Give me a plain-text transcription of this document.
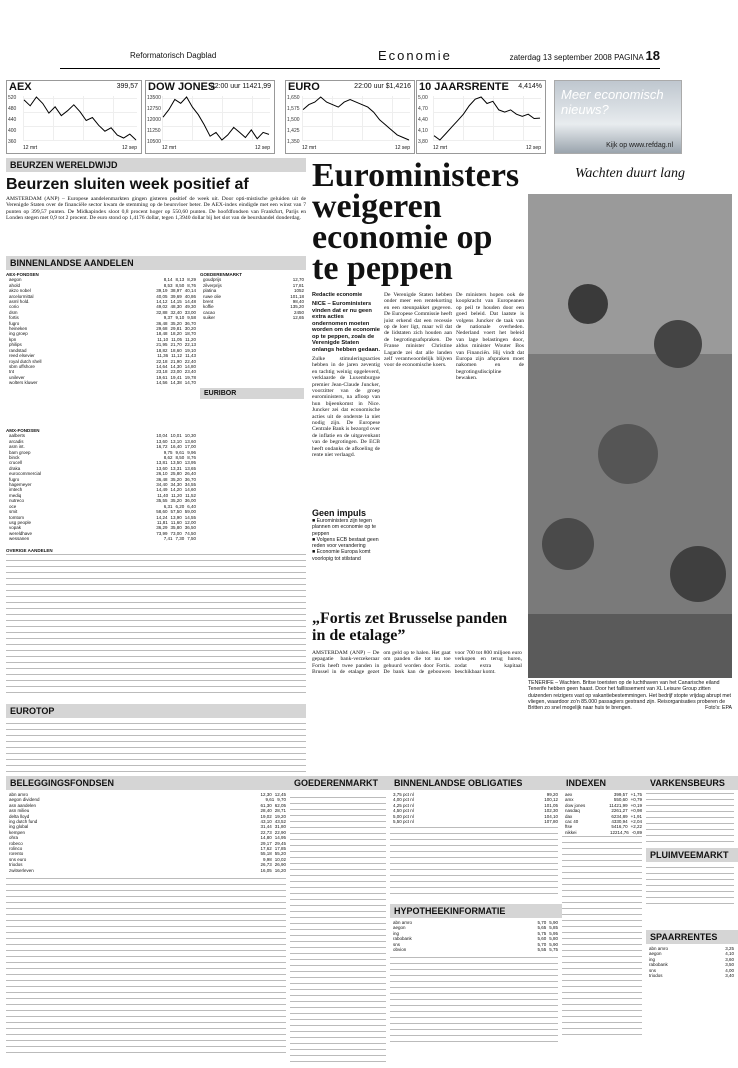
Reformatorisch Dagblad	Economie	zaterdag 13 september 2008 PAGINA 18
AEX	399,57
520
480
440
400
360
12 mrt	12 sep
DOW JONES
22:00 uur 11421,99
13500
12750
12000
11250
10500
12 mrt	12 sep
EURO	22:00 uur $1,4216
1,650
1,575
1,500
1,425
1,350
12 mrt	12 sep
10 JAARSRENTE 4,414%
5,00
4,70
4,40
4,10
3,80
12 mrt	12 sep
Meer economisch nieuws?
Kijk op www.refdag.nl
BEURZEN WERELDWIJD
Beurzen sluiten week positief af
AMSTERDAM (ANP) – Europese aandelenmarkten gingen gisteren positief de week uit. Door opti-mistische geluiden uit de Verenigde Staten over de financiële sector kwam de stemming op de beursvloer beter. De AEX-index eindigde met een winst van 7 punten op 399,57 punten. De Midkapindex sloot 0,8 procent hoger op 550,60 punten. De hoofdfondsen van Frankfurt, Parijs en Londen stegen met 0,9 tot 2 procent. De euro stond op 1,4176 dollar, tegen 1,3940 dollar bij het slot van de beurshandel donderdag.
BINNENLANDSE AANDELEN
AEX-FONDSEN
aegon	8,14 8,13 8,29
ahold	8,53 8,50 8,76
akzo nobel	39,19 38,97 40,14
arcelormittal	40,05 39,69 40,86
asml hold.	14,12 14,15 14,48
corio	49,02 48,30 49,30
dsm	32,88 32,40 33,00
fortis	9,37 9,10 9,58
fugro	36,48 35,20 36,70
heineken	29,68 29,81 30,20
ing groep	18,48 18,20 18,70
kpn	11,10 11,05 11,20
philips	21,95 21,70 22,13
randstad	18,82 18,60 19,10
reed elsevier	11,36 11,12 11,43
royal dutch shell	22,18 21,90 22,40
sbm offshore	14,64 14,30 14,80
tnt	23,18 23,00 23,40
unilever	19,61 19,41 19,78
wolters kluwer	14,56 14,38 14,70
GOEDERENMARKT
goudprijs	12,70
zilverprijs	17,81
platina	1052
ruwe olie	101,18
brent	98,40
koffie	135,20
cacao	2450
suiker	12,65
EURIBOR
AMX-FONDSEN
aalberts	10,04 10,01 10,30
arcadis	13,60 13,10 13,60
asm int.	16,72 16,40 17,00
bam groep	9,75 9,61 9,96
binck	8,62 8,50 8,76
crucell	13,81 13,50 13,95
draka	13,60 13,31 13,65
eurocommercial	26,10 25,80 26,40
fugro	36,48 35,20 36,70
hagemeyer	34,40 34,30 34,55
imtech	14,49 14,20 14,60
mediq	11,40 11,20 11,52
nutreco	35,55 35,20 36,00
oce	6,31 6,20 6,40
smit	58,60 57,50 59,00
tomtom	14,24 13,90 14,55
usg people	11,81 11,60 12,00
vopak	36,29 35,80 36,50
wereldhave	73,99 73,00 74,50
wessanen	7,41 7,30 7,50
OVERIGE AANDELEN
EUROTOP
Euroministers weigeren economie op te peppen
Redactie economie
NICE – Euroministers vinden dat er nu geen extra acties ondernomen moeten worden om de economie op te peppen, zoals de Verenigde Staten onlangs hebben gedaan.
Zulke stimuleringsacties hebben in de jaren zeventig en tachtig weinig opgeleverd, verklaarde de Luxemburgse premier Jean-Claude Juncker, voorzitter van de groep euroministers, na afloop van hun bijeenkomst in Nice. Juncker zei dat economische acties uit de onderste la niet nodig zijn. De Europese Centrale Bank is bezorgd over de inflatie en de uitgavenkant van de begrotingen. De ECB heeft ondanks de afkoeling de rente niet verlaagd.
De Verenigde Staten hebben onder meer een rentekorting en een steunpakket gegeven. De Europese Commissie heeft juist erkend dat een recessie op de loer ligt, maar wil dat de lidstaten zich houden aan de begrotingsafspraken. De Franse minister Christine Lagarde zei dat alle landen zelf verantwoordelijk blijven voor de economische koers.
De ministers hopen ook de koopkracht van Europeanen op peil te houden door een goed beleid. Dat laatste is volgens Juncker de taak van de nationale overheden. Nederland voert het beleid van lage belastingen door, aldus minister Wouter Bos van Financiën. Hij vindt dat Europa zijn afspraken moet nakomen en de begrotingsdiscipline bewaken.
Geen impuls
■ Euroministers zijn tegen plannen om economie op te peppen
■ Volgens ECB bestaat geen reden voor verandering
■ Economie Europa komt voorlopig tot stilstand
„Fortis zet Brusselse panden in de etalage”
AMSTERDAM (ANP) – De gepagatie bank-verzekeraar Fortis heeft twee panden in Brussel in de etalage gezet om geld op te halen. Het gaat om panden die tot nu toe gehuurd worden door Fortis. De bank kan de gebouwen voor 700 tot 800 miljoen euro verkopen en terug huren, zodat extra kapitaal beschikbaar komt.
Wachten duurt lang
TENERIFE – Wachten. Britse toeristen op de luchthaven van het Canarische eiland Tenerife hebben geen haast. Door het faillissement van XL Leisure Group zitten duizenden reizigers vast op vakantiebestemmingen. Het bedrijf stopte vrijdag abrupt met vliegen, waardoor zo'n 85.000 passagiers gestrand zijn. Reisorganisaties proberen de Britten zo snel mogelijk naar huis te brengen.	Foto's: EPA
BELEGGINGSFONDSEN
abn amro	12,30 12,45
aegon dividend	9,61 9,70
asn aandelen	61,30 62,05
asn milieu	28,40 28,71
delta lloyd	19,02 19,20
ing dutch fund	43,10 43,52
ing global	31,44 31,80
kempen	22,73 22,90
ohra	14,80 14,95
robeco	29,17 29,45
rolinco	17,62 17,85
rorento	55,18 55,20
sns euro	9,98 10,02
triodos	26,73 26,90
zwitserleven	16,05 16,20
GOEDERENMARKT	BINNENLANDSE OBLIGATIES
3,75 pct nl	99,20
4,00 pct nl	100,12
4,25 pct nl	101,05
4,50 pct nl	102,30
5,00 pct nl	104,10
5,50 pct nl	107,80
HYPOTHEEKINFORMATIE
abn amro	5,70 5,90
aegon	5,65 5,85
ing	5,75 5,95
rabobank	5,60 5,80
sns	5,70 5,90
obvion	5,55 5,75
INDEXEN
aex	399,57 +1,75
amx	550,60 +0,79
dow jones	11421,99 +0,19
nasdaq	2261,27 +0,98
dax	6234,89 +1,91
cac 40	4330,94 +2,04
ftse	5416,70 +2,22
nikkei	12214,76 -0,89
VARKENSBEURS
PLUIMVEEMARKT
SPAARRENTES
abn amro	3,25
aegon	4,10
ing	3,60
rabobank	3,50
sns	4,00
triodos	3,40
